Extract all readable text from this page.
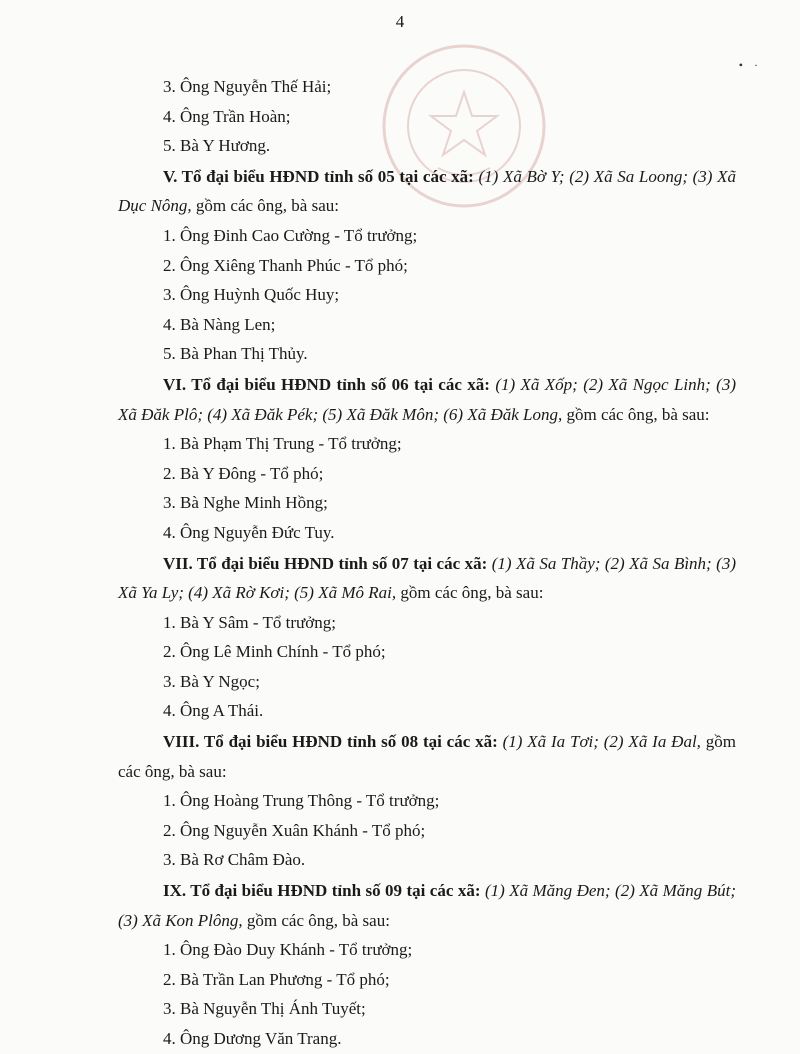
4
• ·
3. Ông Nguyễn Thế Hải;
4. Ông Trần Hoàn;
5. Bà Y Hương.
V. Tổ đại biểu HĐND tỉnh số 05 tại các xã: (1) Xã Bờ Y; (2) Xã Sa Loong; (3) Xã Dục Nông, gồm các ông, bà sau:
1. Ông Đinh Cao Cường - Tổ trưởng;
2. Ông Xiêng Thanh Phúc - Tổ phó;
3. Ông Huỳnh Quốc Huy;
4. Bà Nàng Len;
5. Bà Phan Thị Thủy.
VI. Tổ đại biểu HĐND tỉnh số 06 tại các xã: (1) Xã Xốp; (2) Xã Ngọc Linh; (3) Xã Đăk Plô; (4) Xã Đăk Pék; (5) Xã Đăk Môn; (6) Xã Đăk Long, gồm các ông, bà sau:
1. Bà Phạm Thị Trung - Tổ trưởng;
2. Bà Y Đông - Tổ phó;
3. Bà Nghe Minh Hồng;
4. Ông Nguyễn Đức Tuy.
VII. Tổ đại biểu HĐND tỉnh số 07 tại các xã: (1) Xã Sa Thầy; (2) Xã Sa Bình; (3) Xã Ya Ly; (4) Xã Rờ Kơi; (5) Xã Mô Rai, gồm các ông, bà sau:
1. Bà Y Sâm - Tổ trưởng;
2. Ông Lê Minh Chính - Tổ phó;
3. Bà Y Ngọc;
4. Ông A Thái.
VIII. Tổ đại biểu HĐND tỉnh số 08 tại các xã: (1) Xã Ia Tơi; (2) Xã Ia Đal, gồm các ông, bà sau:
1. Ông Hoàng Trung Thông - Tổ trưởng;
2. Ông Nguyễn Xuân Khánh - Tổ phó;
3. Bà Rơ Châm Đào.
IX. Tổ đại biểu HĐND tỉnh số 09 tại các xã: (1) Xã Măng Đen; (2) Xã Măng Bút; (3) Xã Kon Plông, gồm các ông, bà sau:
1. Ông Đào Duy Khánh - Tổ trưởng;
2. Bà Trần Lan Phương - Tổ phó;
3. Bà Nguyễn Thị Ánh Tuyết;
4. Ông Dương Văn Trang.
